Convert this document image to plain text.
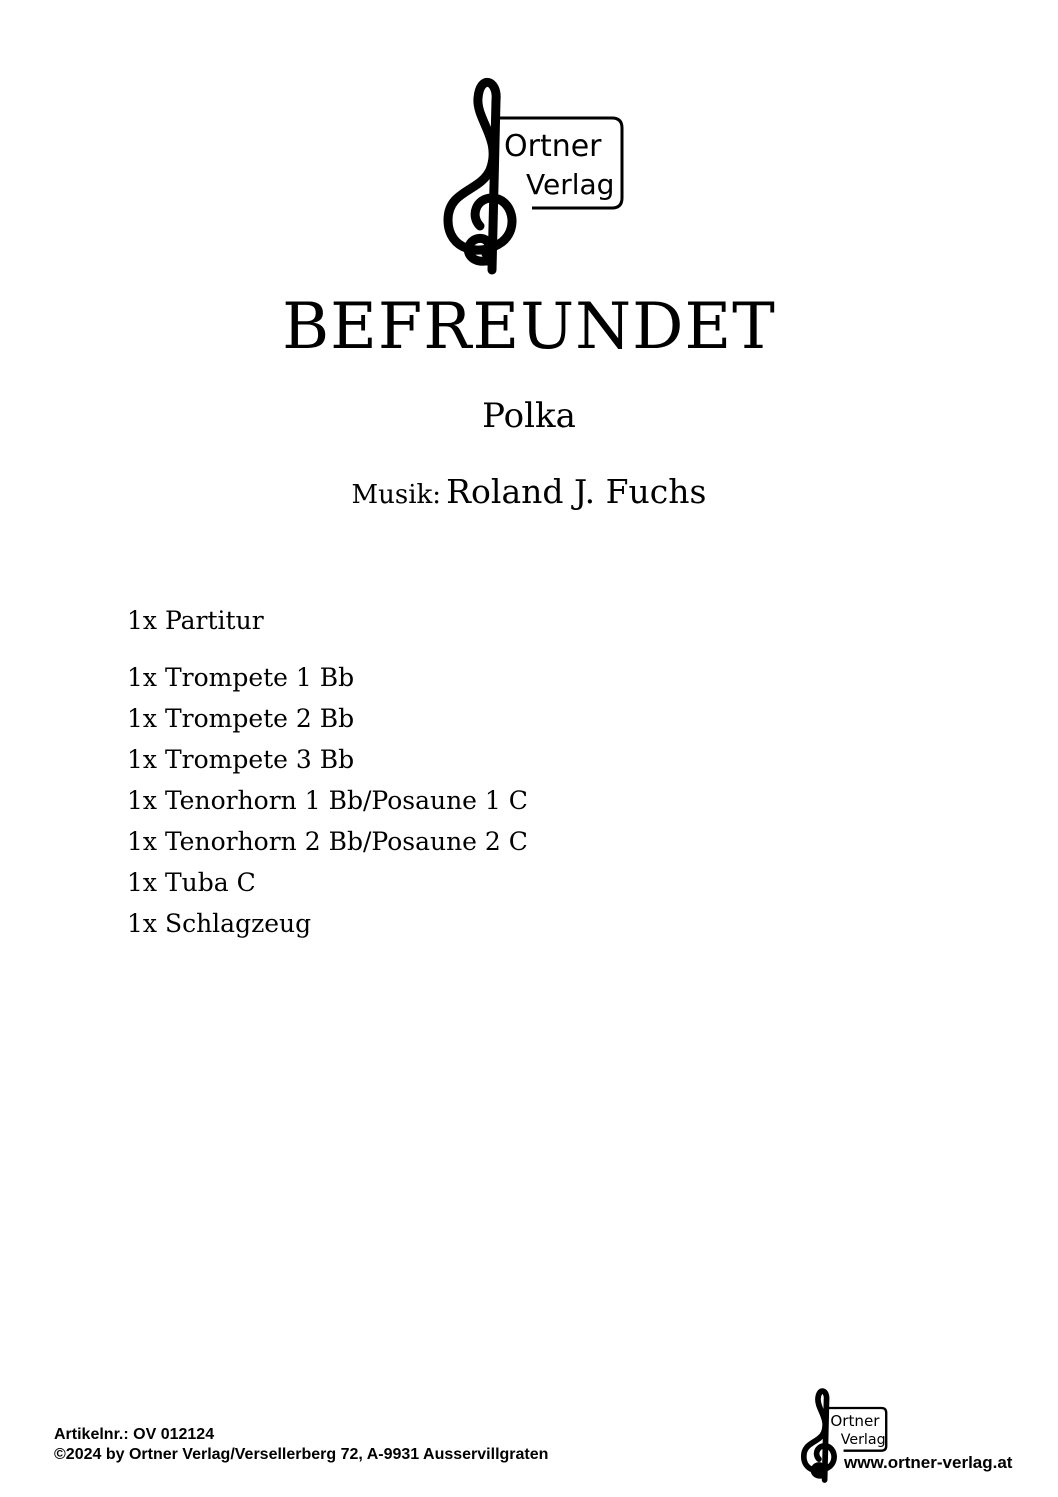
Ortner
Verlag
BEFREUNDET
Polka
Musik: Roland J. Fuchs
1x Partitur
1x Trompete 1 Bb
1x Trompete 2 Bb
1x Trompete 3 Bb
1x Tenorhorn 1 Bb/Posaune 1 C
1x Tenorhorn 2 Bb/Posaune 2 C
1x Tuba C
1x Schlagzeug
Artikelnr.: OV 012124
©2024 by Ortner Verlag/Versellerberg 72, A-9931 Ausservillgraten
Ortner
Verlag
www.ortner-verlag.at
